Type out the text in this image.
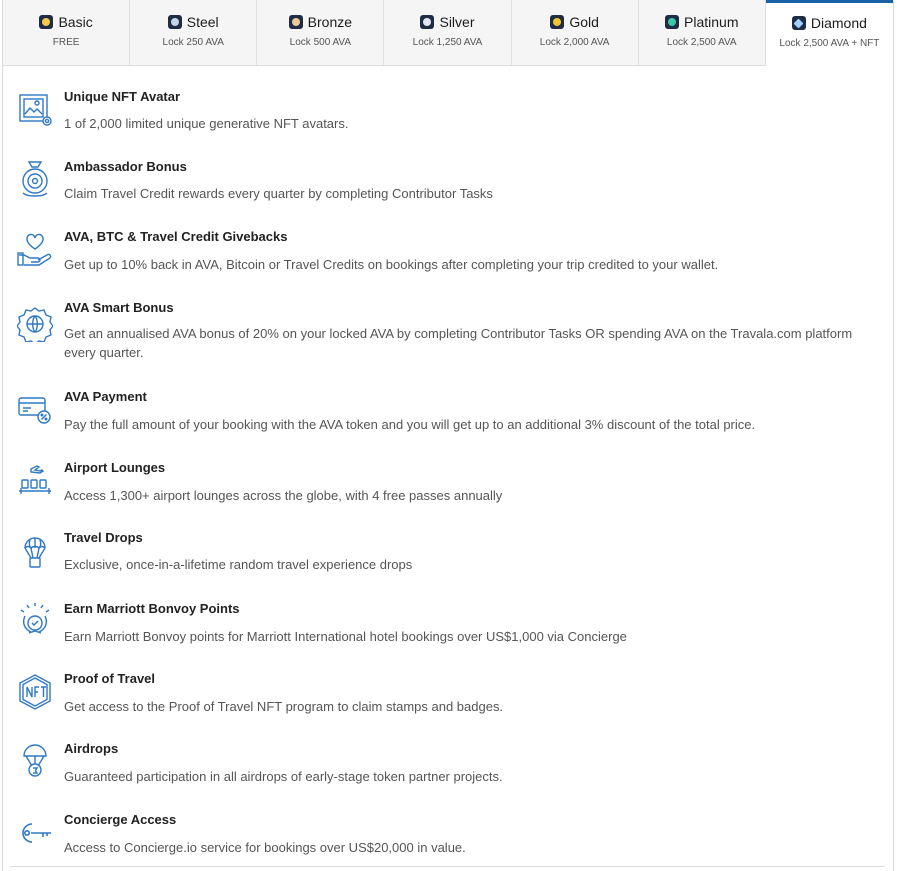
Basic
FREE
Steel
Lock 250 AVA
Bronze
Lock 500 AVA
Silver
Lock 1,250 AVA
Gold
Lock 2,000 AVA
Platinum
Lock 2,500 AVA
Diamond
Lock 2,500 AVA + NFT
Unique NFT Avatar
1 of 2,000 limited unique generative NFT avatars.
Ambassador Bonus
Claim Travel Credit rewards every quarter by completing Contributor Tasks
AVA, BTC & Travel Credit Givebacks
Get up to 10% back in AVA, Bitcoin or Travel Credits on bookings after completing your trip credited to your wallet.
AVA Smart Bonus
Get an annualised AVA bonus of 20% on your locked AVA by completing Contributor Tasks OR spending AVA on the Travala.com platform every quarter.
AVA Payment
Pay the full amount of your booking with the AVA token and you will get up to an additional 3% discount of the total price.
Airport Lounges
Access 1,300+ airport lounges across the globe, with 4 free passes annually
Travel Drops
Exclusive, once-in-a-lifetime random travel experience drops
Earn Marriott Bonvoy Points
Earn Marriott Bonvoy points for Marriott International hotel bookings over US$1,000 via Concierge
Proof of Travel
Get access to the Proof of Travel NFT program to claim stamps and badges.
Airdrops
Guaranteed participation in all airdrops of early-stage token partner projects.
Concierge Access
Access to Concierge.io service for bookings over US$20,000 in value.
